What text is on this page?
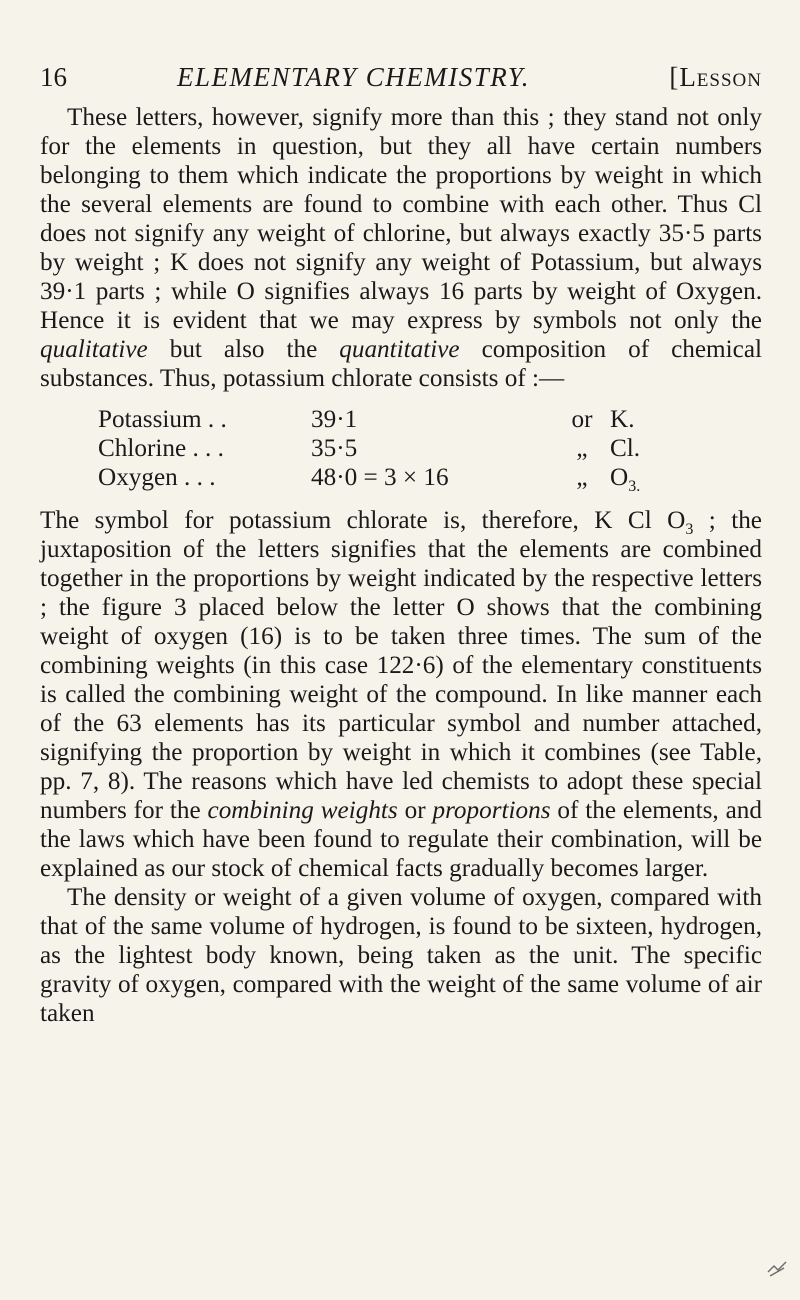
16	ELEMENTARY CHEMISTRY.	[Lesson

These letters, however, signify more than this ; they stand not only for the elements in question, but they all have certain numbers belonging to them which indicate the proportions by weight in which the several elements are found to combine with each other. Thus Cl does not signify any weight of chlorine, but always exactly 35·5 parts by weight ; K does not signify any weight of Potassium, but always 39·1 parts ; while O signifies always 16 parts by weight of Oxygen. Hence it is evident that we may express by symbols not only the qualitative but also the quantitative composition of chemical substances. Thus, potassium chlorate consists of :—

Potassium . .	39·1	or	K.
Chlorine . . .	35·5	„	Cl.
Oxygen . . .	48·0 = 3 × 16	„	$O_{3.}$

The symbol for potassium chlorate is, therefore, K Cl $O_3$ ; the juxtaposition of the letters signifies that the elements are combined together in the proportions by weight indicated by the respective letters ; the figure 3 placed below the letter O shows that the combining weight of oxygen (16) is to be taken three times. The sum of the combining weights (in this case 122·6) of the elementary constituents is called the combining weight of the compound. In like manner each of the 63 elements has its particular symbol and number attached, signifying the proportion by weight in which it combines (see Table, pp. 7, 8). The reasons which have led chemists to adopt these special numbers for the combining weights or proportions of the elements, and the laws which have been found to regulate their combination, will be explained as our stock of chemical facts gradually becomes larger.

The density or weight of a given volume of oxygen, compared with that of the same volume of hydrogen, is found to be sixteen, hydrogen, as the lightest body known, being taken as the unit. The specific gravity of oxygen, compared with the weight of the same volume of air taken
